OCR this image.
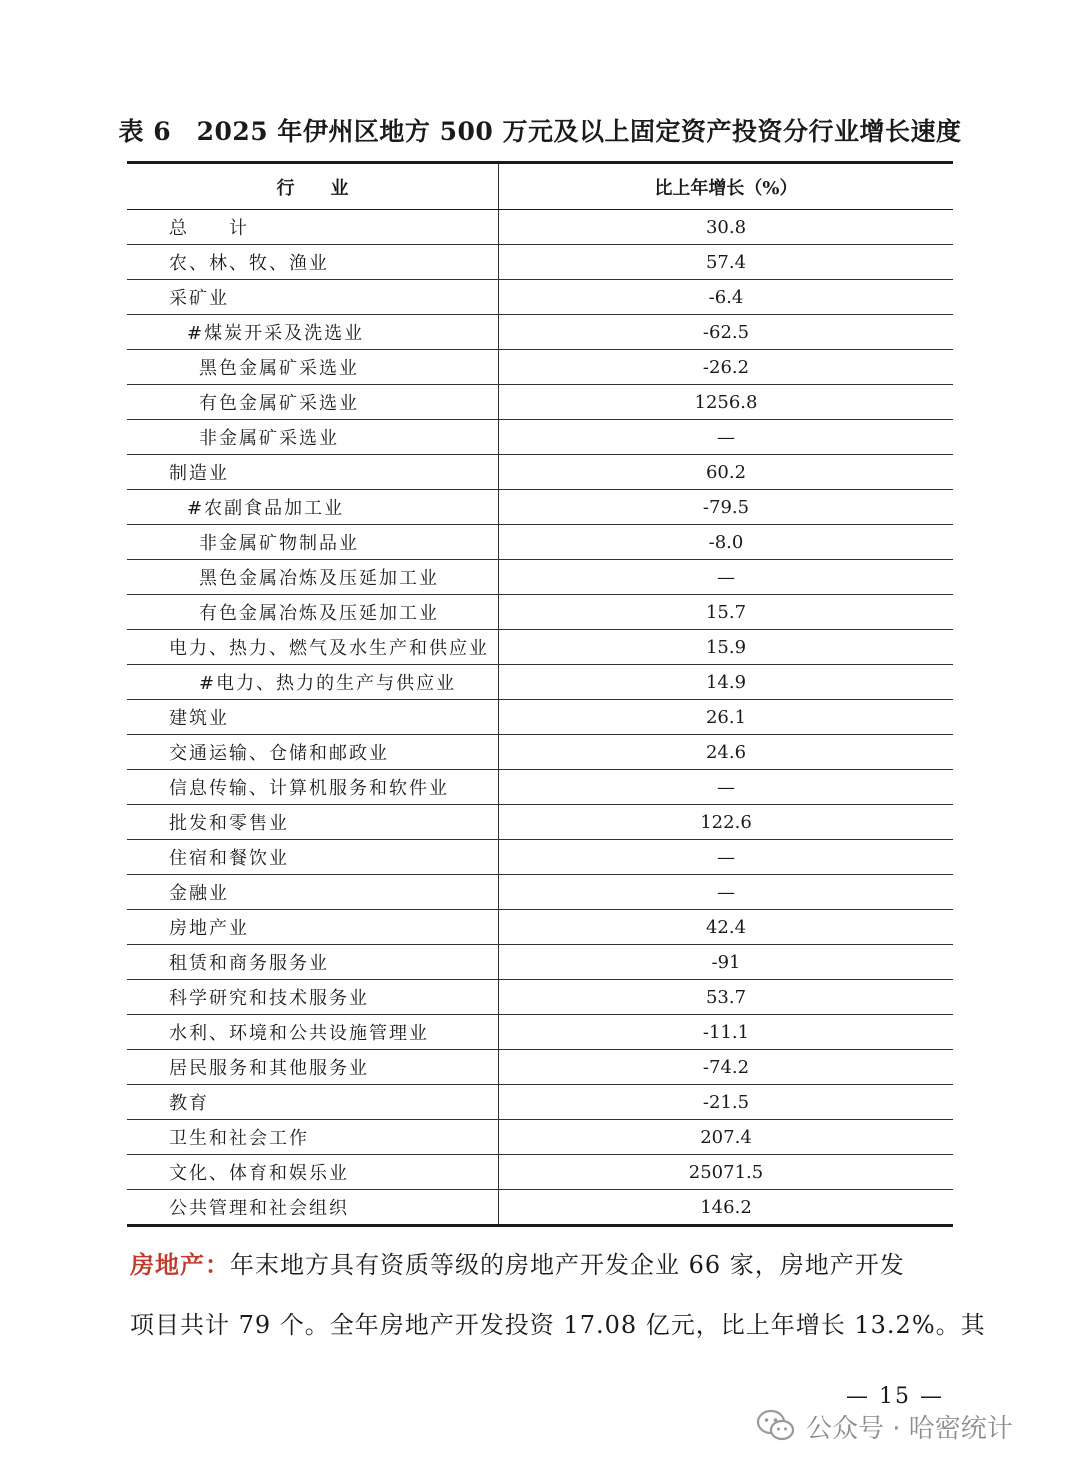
表 6　2025 年伊州区地方 500 万元及以上固定资产投资分行业增长速度
行　　业	比上年增长（%）
总　　计	30.8
农、林、牧、渔业	57.4
采矿业	-6.4
#煤炭开采及洗选业	-62.5
黑色金属矿采选业	-26.2
有色金属矿采选业	1256.8
非金属矿采选业	—
制造业	60.2
#农副食品加工业	-79.5
非金属矿物制品业	-8.0
黑色金属冶炼及压延加工业	—
有色金属冶炼及压延加工业	15.7
电力、热力、燃气及水生产和供应业	15.9
#电力、热力的生产与供应业	14.9
建筑业	26.1
交通运输、仓储和邮政业	24.6
信息传输、计算机服务和软件业	—
批发和零售业	122.6
住宿和餐饮业	—
金融业	—
房地产业	42.4
租赁和商务服务业	-91
科学研究和技术服务业	53.7
水利、环境和公共设施管理业	-11.1
居民服务和其他服务业	-74.2
教育	-21.5
卫生和社会工作	207.4
文化、体育和娱乐业	25071.5
公共管理和社会组织	146.2
房地产：年末地方具有资质等级的房地产开发企业 66 家，房地产开发
项目共计 79 个。全年房地产开发投资 17.08 亿元，比上年增长 13.2%。其
— 15 —
公众号 · 哈密统计
